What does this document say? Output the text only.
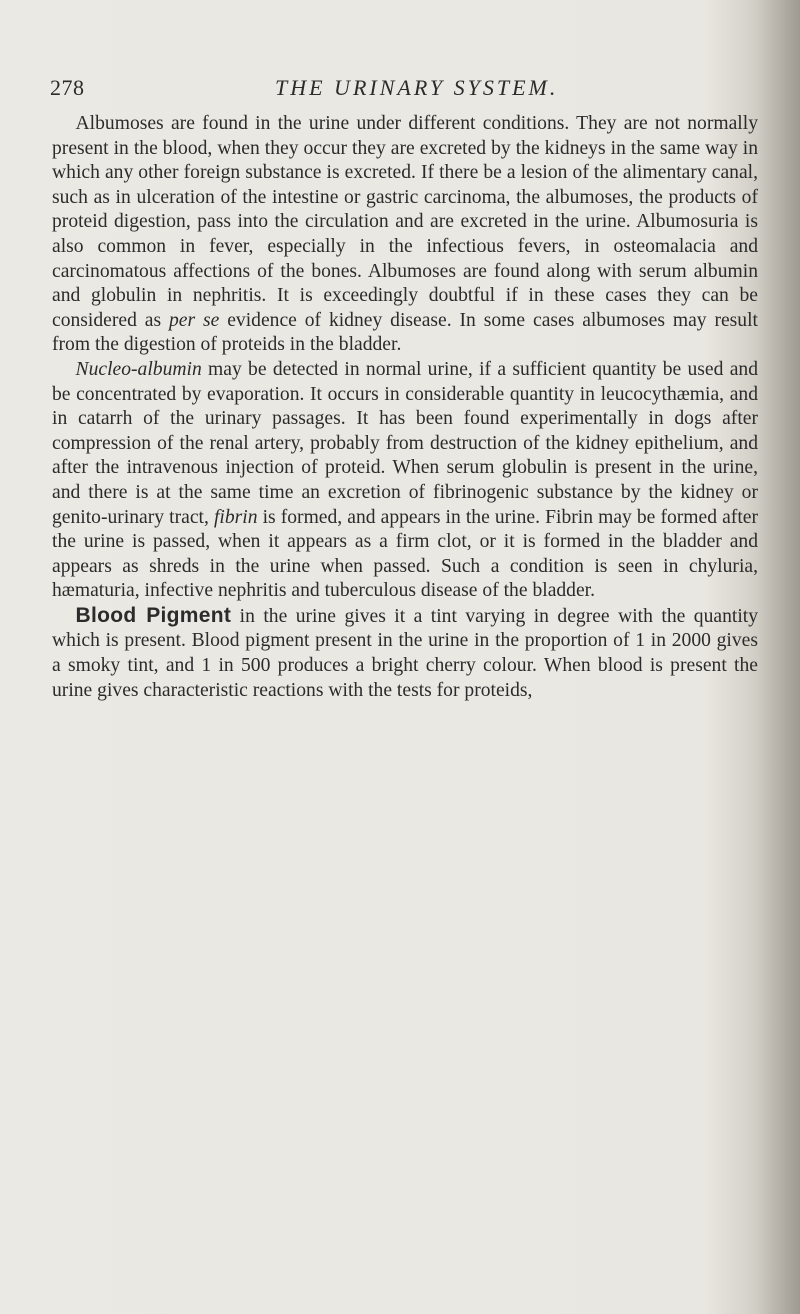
278	THE URINARY SYSTEM.

Albumoses are found in the urine under different conditions. They are not normally present in the blood, when they occur they are excreted by the kidneys in the same way in which any other foreign substance is excreted. If there be a lesion of the alimentary canal, such as in ulceration of the intestine or gastric carcinoma, the albumoses, the products of proteid digestion, pass into the circulation and are excreted in the urine. Albumosuria is also common in fever, especially in the infectious fevers, in osteomalacia and carcinomatous affections of the bones. Albumoses are found along with serum albumin and globulin in nephritis. It is exceedingly doubtful if in these cases they can be considered as per se evidence of kidney disease. In some cases albumoses may result from the digestion of proteids in the bladder.

Nucleo-albumin may be detected in normal urine, if a sufficient quantity be used and be concentrated by evaporation. It occurs in considerable quantity in leucocythæmia, and in catarrh of the urinary passages. It has been found experimentally in dogs after compression of the renal artery, probably from destruction of the kidney epithelium, and after the intravenous injection of proteid. When serum globulin is present in the urine, and there is at the same time an excretion of fibrinogenic substance by the kidney or genito-urinary tract, fibrin is formed, and appears in the urine. Fibrin may be formed after the urine is passed, when it appears as a firm clot, or it is formed in the bladder and appears as shreds in the urine when passed. Such a condition is seen in chyluria, hæmaturia, infective nephritis and tuberculous disease of the bladder.

Blood Pigment in the urine gives it a tint varying in degree with the quantity which is present. Blood pigment present in the urine in the proportion of 1 in 2000 gives a smoky tint, and 1 in 500 produces a bright cherry colour. When blood is present the urine gives characteristic reactions with the tests for proteids,
